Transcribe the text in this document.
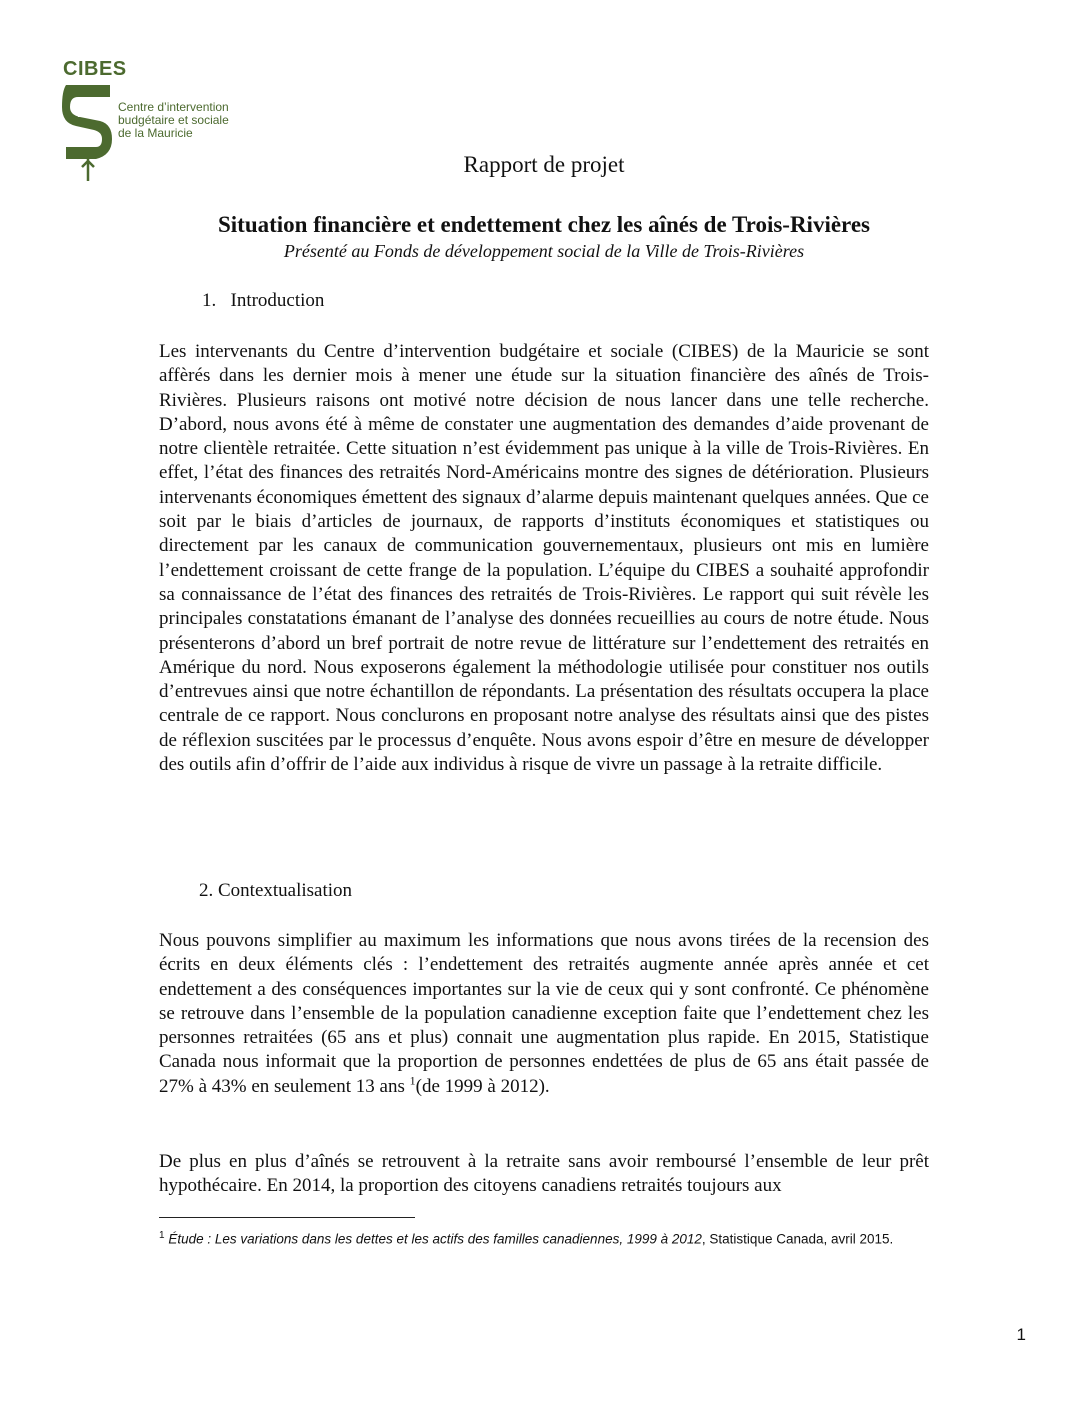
CIBES
Centre d’intervention
budgétaire et sociale
de la Mauricie
Rapport de projet
Situation financière et endettement chez les aînés de Trois-Rivières
Présenté au Fonds de développement social de la Ville de Trois-Rivières
1. Introduction

Les intervenants du Centre d’intervention budgétaire et sociale (CIBES) de la Mauricie se sont affèrés dans les dernier mois à mener une étude sur la situation financière des aînés de Trois-Rivières. Plusieurs raisons ont motivé notre décision de nous lancer dans une telle recherche. D’abord, nous avons été à même de constater une augmentation des demandes d’aide provenant de notre clientèle retraitée. Cette situation n’est évidemment pas unique à la ville de Trois-Rivières. En effet, l’état des finances des retraités Nord-Américains montre des signes de détérioration. Plusieurs intervenants économiques émettent des signaux d’alarme depuis maintenant quelques années. Que ce soit par le biais d’articles de journaux, de rapports d’instituts économiques et statistiques ou directement par les canaux de communication gouvernementaux, plusieurs ont mis en lumière l’endettement croissant de cette frange de la population. L’équipe du CIBES a souhaité approfondir sa connaissance de l’état des finances des retraités de Trois-Rivières. Le rapport qui suit révèle les principales constatations émanant de l’analyse des données recueillies au cours de notre étude. Nous présenterons d’abord un bref portrait de notre revue de littérature sur l’endettement des retraités en Amérique du nord. Nous exposerons également la méthodologie utilisée pour constituer nos outils d’entrevues ainsi que notre échantillon de répondants. La présentation des résultats occupera la place centrale de ce rapport. Nous conclurons en proposant notre analyse des résultats ainsi que des pistes de réflexion suscitées par le processus d’enquête. Nous avons espoir d’être en mesure de développer des outils afin d’offrir de l’aide aux individus à risque de vivre un passage à la retraite difficile.

2. Contextualisation

Nous pouvons simplifier au maximum les informations que nous avons tirées de la recension des écrits en deux éléments clés : l’endettement des retraités augmente année après année et cet endettement a des conséquences importantes sur la vie de ceux qui y sont confronté. Ce phénomène se retrouve dans l’ensemble de la population canadienne exception faite que l’endettement chez les personnes retraitées (65 ans et plus) connait une augmentation plus rapide. En 2015, Statistique Canada nous informait que la proportion de personnes endettées de plus de 65 ans était passée de 27% à 43% en seulement 13 ans $^1$(de 1999 à 2012).

De plus en plus d’aînés se retrouvent à la retraite sans avoir remboursé l’ensemble de leur prêt hypothécaire. En 2014, la proportion des citoyens canadiens retraités toujours aux

$^1$ Étude : Les variations dans les dettes et les actifs des familles canadiennes, 1999 à 2012, Statistique Canada, avril 2015.
1
